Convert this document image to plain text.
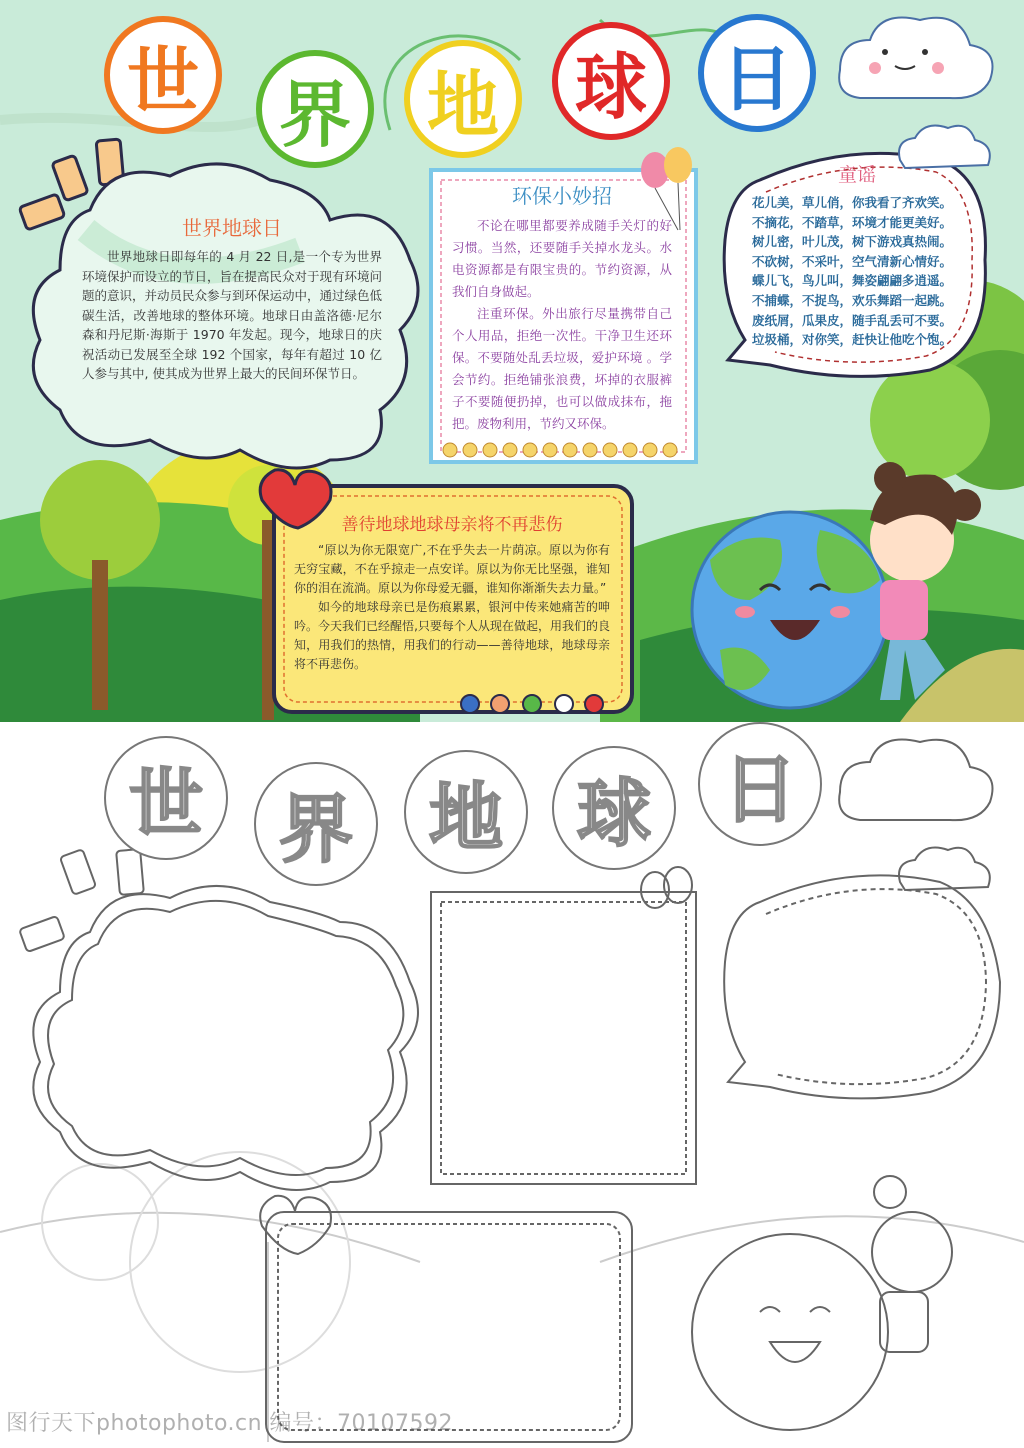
世	界	地	球	日
世界地球日
世界地球日即每年的 4 月 22 日,是一个专为世界环境保护而设立的节日，旨在提高民众对于现有环境问题的意识，并动员民众参与到环保运动中，通过绿色低碳生活，改善地球的整体环境。地球日由盖洛德·尼尔森和丹尼斯·海斯于 1970 年发起。现今，地球日的庆祝活动已发展至全球 192 个国家，每年有超过 10 亿人参与其中, 使其成为世界上最大的民间环保节日。
环保小妙招
不论在哪里都要养成随手关灯的好习惯。当然，还要随手关掉水龙头。水电资源都是有限宝贵的。节约资源，从我们自身做起。
注重环保。外出旅行尽量携带自己个人用品，拒绝一次性。干净卫生还环保。不要随处乱丢垃圾，爱护环境 。学会节约。拒绝铺张浪费，坏掉的衣服裤子不要随便扔掉，也可以做成抹布，拖把。废物利用，节约又环保。
童谣
花儿美，草儿俏，你我看了齐欢笑。
不摘花，不踏草，环境才能更美好。
树儿密，叶儿茂，树下游戏真热闹。
不砍树，不采叶，空气清新心情好。
蝶儿飞，鸟儿叫，舞姿翩翩多逍遥。
不捕蝶，不捉鸟，欢乐舞蹈一起跳。
废纸屑，瓜果皮，随手乱丢可不要。
垃圾桶，对你笑，赶快让他吃个饱。
善待地球地球母亲将不再悲伤
“原以为你无限宽广,不在乎失去一片荫凉。原以为你有无穷宝藏，不在乎掠走一点安详。原以为你无比坚强，谁知你的泪在流淌。原以为你母爱无疆，谁知你渐渐失去力量。”
如今的地球母亲已是伤痕累累，银河中传来她痛苦的呻吟。今天我们已经醒悟,只要每个人从现在做起，用我们的良知，用我们的热情，用我们的行动——善待地球，地球母亲将不再悲伤。
世	界	地	球 日
图行天下photophoto.cn 编号：70107592
